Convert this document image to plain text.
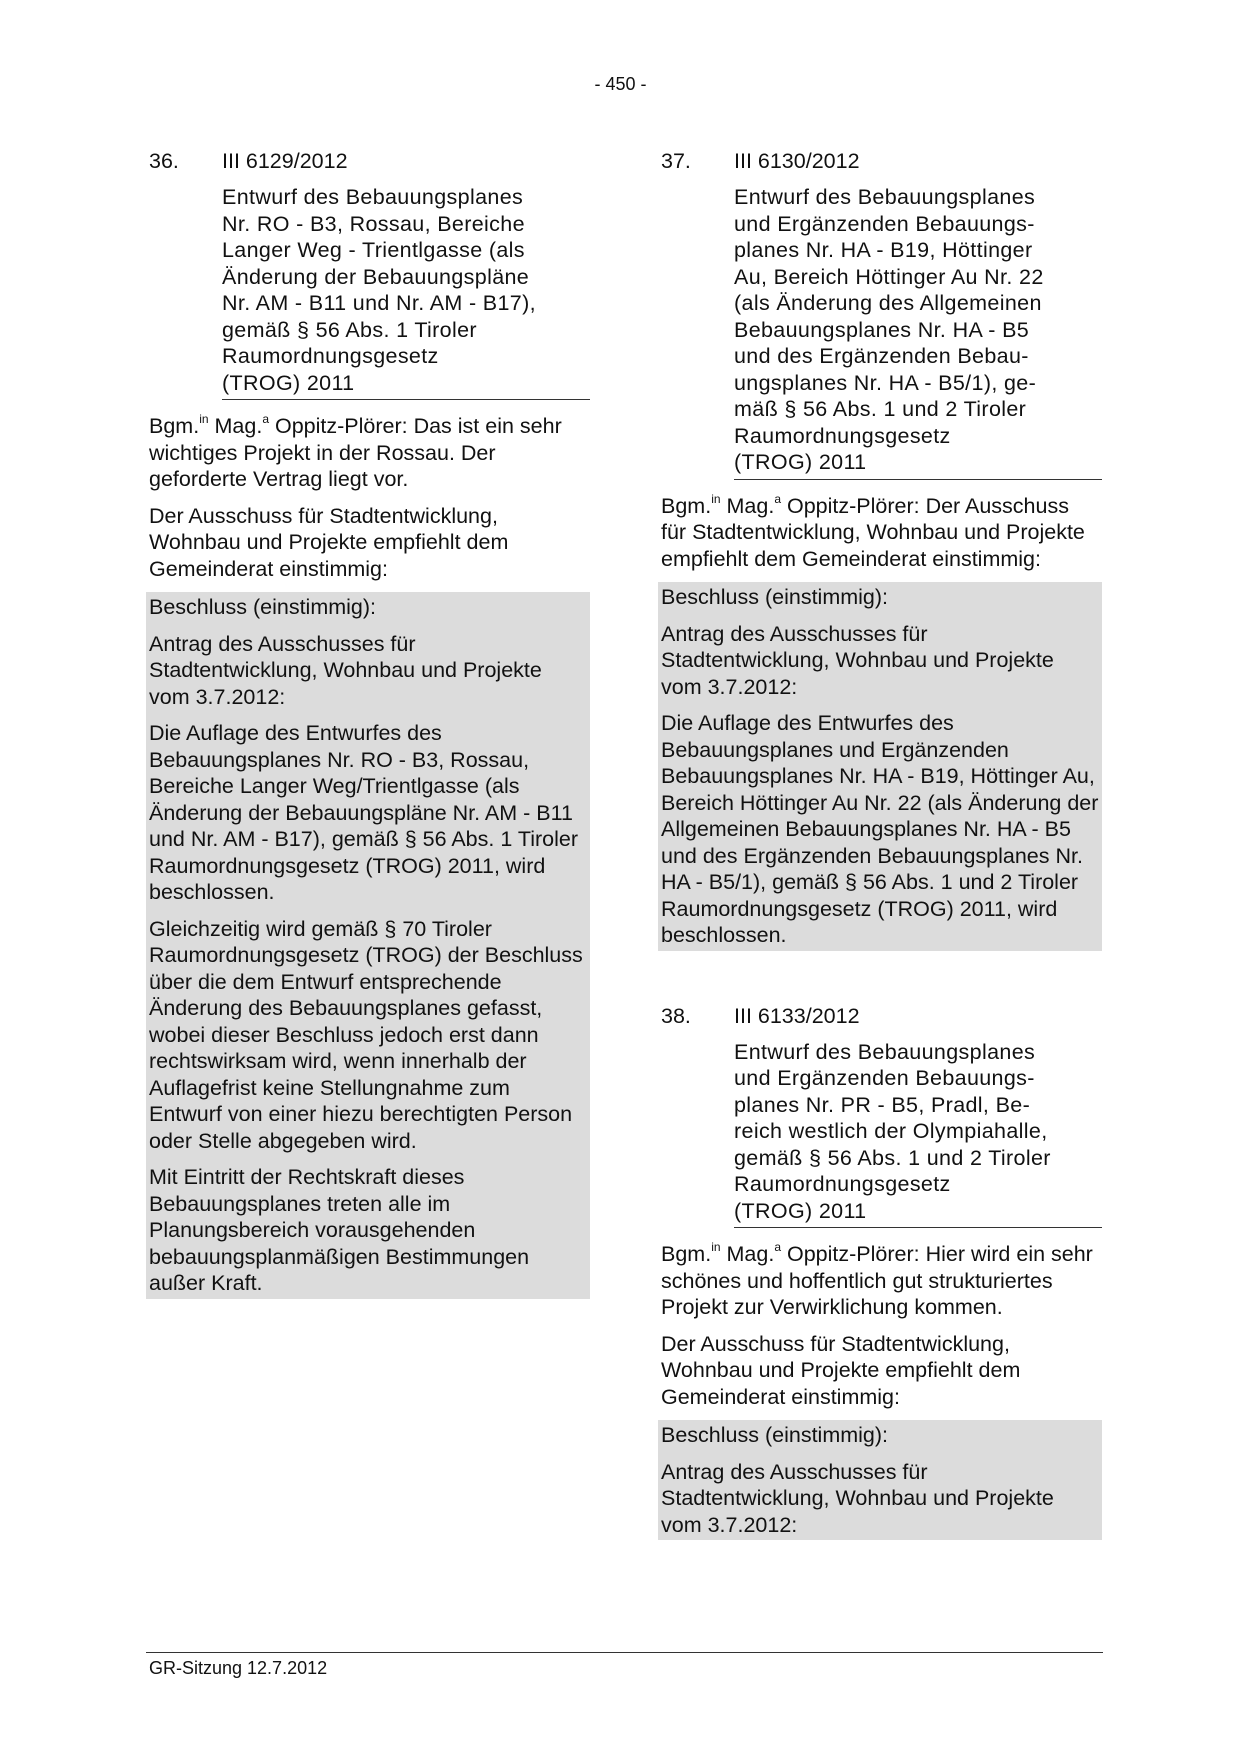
- 450 -
36.	III 6129/2012
Entwurf des Bebauungsplanes
Nr. RO - B3, Rossau, Bereiche
Langer Weg - Trientlgasse (als
Änderung der Bebauungspläne
Nr. AM - B11 und Nr. AM - B17),
gemäß § 56 Abs. 1 Tiroler
Raumordnungsgesetz
(TROG) 2011

Bgm.$^{in}$ Mag.$^a$ Oppitz-Plörer: Das ist ein sehr wichtiges Projekt in der Rossau. Der geforderte Vertrag liegt vor.

Der Ausschuss für Stadtentwicklung, Wohnbau und Projekte empfiehlt dem Gemeinderat einstimmig:

Beschluss (einstimmig):

Antrag des Ausschusses für Stadtentwicklung, Wohnbau und Projekte vom 3.7.2012:

Die Auflage des Entwurfes des Bebauungsplanes Nr. RO - B3, Rossau, Bereiche Langer Weg/Trientlgasse (als Änderung der Bebauungspläne Nr. AM - B11 und Nr. AM - B17), gemäß § 56 Abs. 1 Tiroler Raumordnungsgesetz (TROG) 2011, wird beschlossen.

Gleichzeitig wird gemäß § 70 Tiroler Raumordnungsgesetz (TROG) der Beschluss über die dem Entwurf entsprechende Änderung des Bebauungsplanes gefasst, wobei dieser Beschluss jedoch erst dann rechtswirksam wird, wenn innerhalb der Auflagefrist keine Stellungnahme zum Entwurf von einer hiezu berechtigten Person oder Stelle abgegeben wird.

Mit Eintritt der Rechtskraft dieses Bebauungsplanes treten alle im Planungsbereich vorausgehenden bebauungsplanmäßigen Bestimmungen außer Kraft.

37.	III 6130/2012
Entwurf des Bebauungsplanes
und Ergänzenden Bebauungs-
planes Nr. HA - B19, Höttinger
Au, Bereich Höttinger Au Nr. 22
(als Änderung des Allgemeinen
Bebauungsplanes Nr. HA - B5
und des Ergänzenden Bebau-
ungsplanes Nr. HA - B5/1), ge-
mäß § 56 Abs. 1 und 2 Tiroler
Raumordnungsgesetz
(TROG) 2011

Bgm.$^{in}$ Mag.$^a$ Oppitz-Plörer: Der Ausschuss für Stadtentwicklung, Wohnbau und Projekte empfiehlt dem Gemeinderat einstimmig:

Beschluss (einstimmig):

Antrag des Ausschusses für Stadtentwicklung, Wohnbau und Projekte vom 3.7.2012:

Die Auflage des Entwurfes des Bebauungsplanes und Ergänzenden Bebauungsplanes Nr. HA - B19, Höttinger Au, Bereich Höttinger Au Nr. 22 (als Änderung der Allgemeinen Bebauungsplanes Nr. HA - B5 und des Ergänzenden Bebauungsplanes Nr. HA - B5/1), gemäß § 56 Abs. 1 und 2 Tiroler Raumordnungsgesetz (TROG) 2011, wird beschlossen.

38.	III 6133/2012
Entwurf des Bebauungsplanes
und Ergänzenden Bebauungs-
planes Nr. PR - B5, Pradl, Be-
reich westlich der Olympiahalle,
gemäß § 56 Abs. 1 und 2 Tiroler
Raumordnungsgesetz
(TROG) 2011

Bgm.$^{in}$ Mag.$^a$ Oppitz-Plörer: Hier wird ein sehr schönes und hoffentlich gut strukturiertes Projekt zur Verwirklichung kommen.

Der Ausschuss für Stadtentwicklung, Wohnbau und Projekte empfiehlt dem Gemeinderat einstimmig:

Beschluss (einstimmig):

Antrag des Ausschusses für Stadtentwicklung, Wohnbau und Projekte vom 3.7.2012:

GR-Sitzung 12.7.2012
